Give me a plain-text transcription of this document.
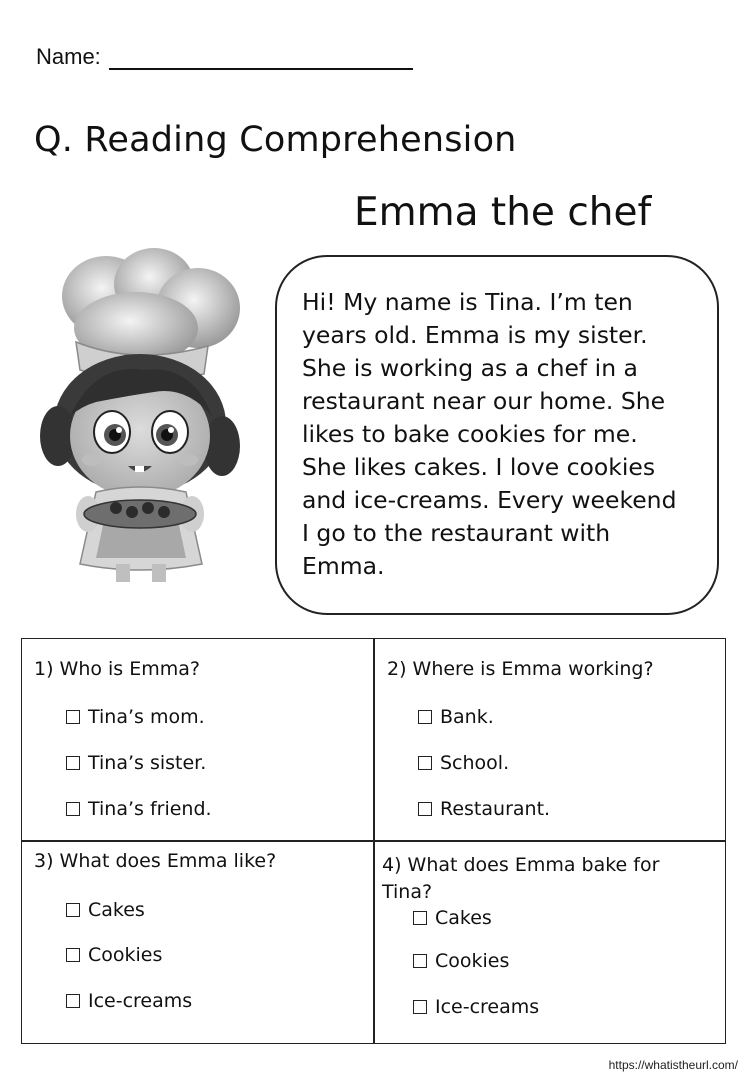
Name:
Q. Reading Comprehension
Emma the chef
Hi! My name is Tina. I’m ten
years old. Emma is my sister.
She is working as a chef in a
restaurant near our home. She
likes to bake cookies for me.
She likes cakes. I love cookies
and ice-creams. Every weekend
I go to the restaurant with
Emma.
1) Who is Emma?
Tina’s mom.
Tina’s sister.
Tina’s friend.
2) Where is Emma working?
Bank.
School.
Restaurant.
3) What does Emma like?
Cakes
Cookies
Ice-creams
4) What does Emma bake for
Tina?
Cakes
Cookies
Ice-creams
https://whatistheurl.com/
